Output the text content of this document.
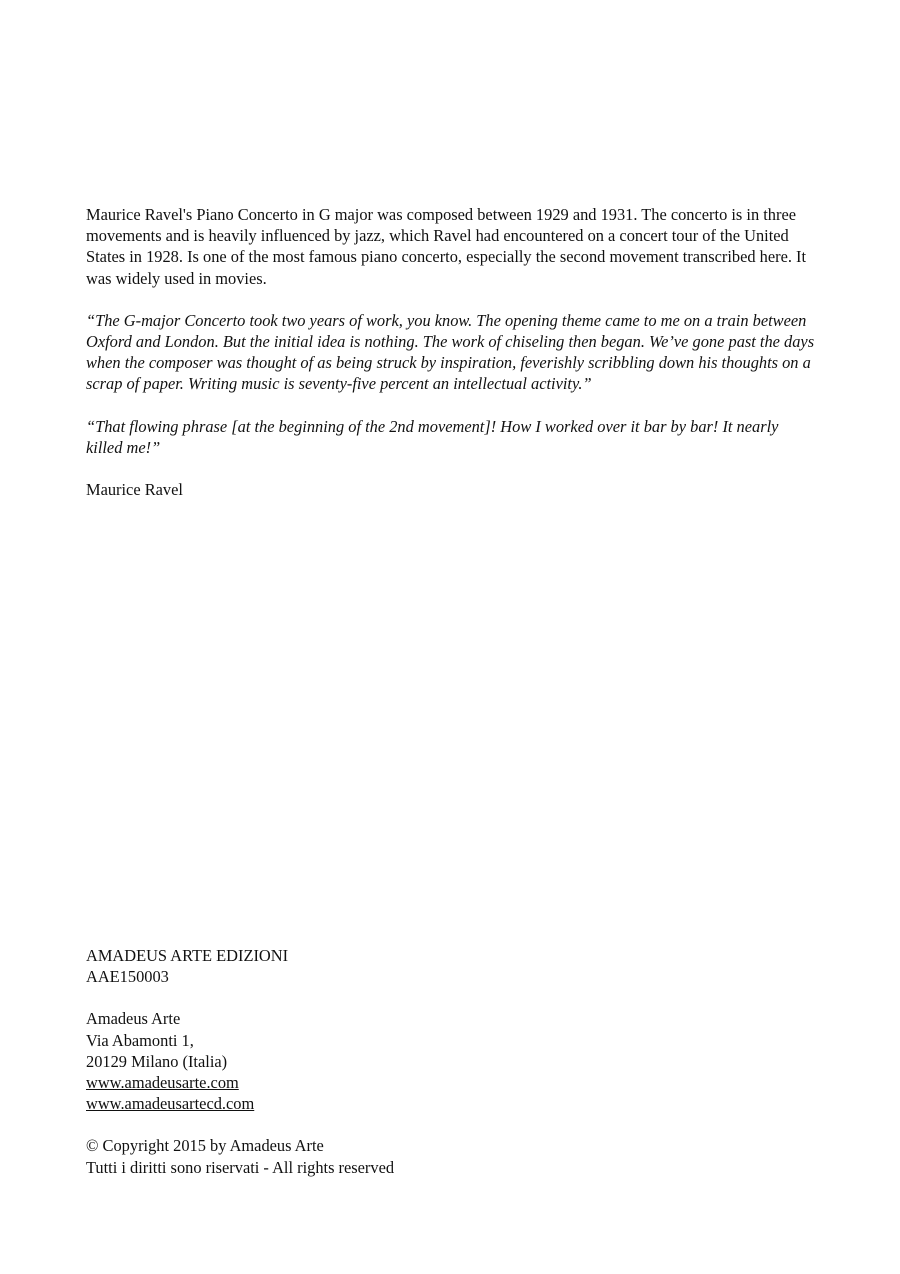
Maurice Ravel's Piano Concerto in G major was composed between 1929 and 1931. The concerto is in three movements and is heavily influenced by jazz, which Ravel had encountered on a concert tour of the United States in 1928. Is one of the most famous piano concerto, especially the second movement transcribed here. It was widely used in movies.

“The G-major Concerto took two years of work, you know. The opening theme came to me on a train between Oxford and London. But the initial idea is nothing. The work of chiseling then began. We’ve gone past the days when the composer was thought of as being struck by inspiration, feverishly scribbling down his thoughts on a scrap of paper. Writing music is seventy-five percent an intellectual activity.”

“That flowing phrase [at the beginning of the 2nd movement]! How I worked over it bar by bar! It nearly killed me!”

Maurice Ravel

AMADEUS ARTE EDIZIONI
AAE150003
Amadeus Arte
Via Abamonti 1,
20129 Milano (Italia)
www.amadeusarte.com
www.amadeusartecd.com
© Copyright 2015 by Amadeus Arte
Tutti i diritti sono riservati - All rights reserved
